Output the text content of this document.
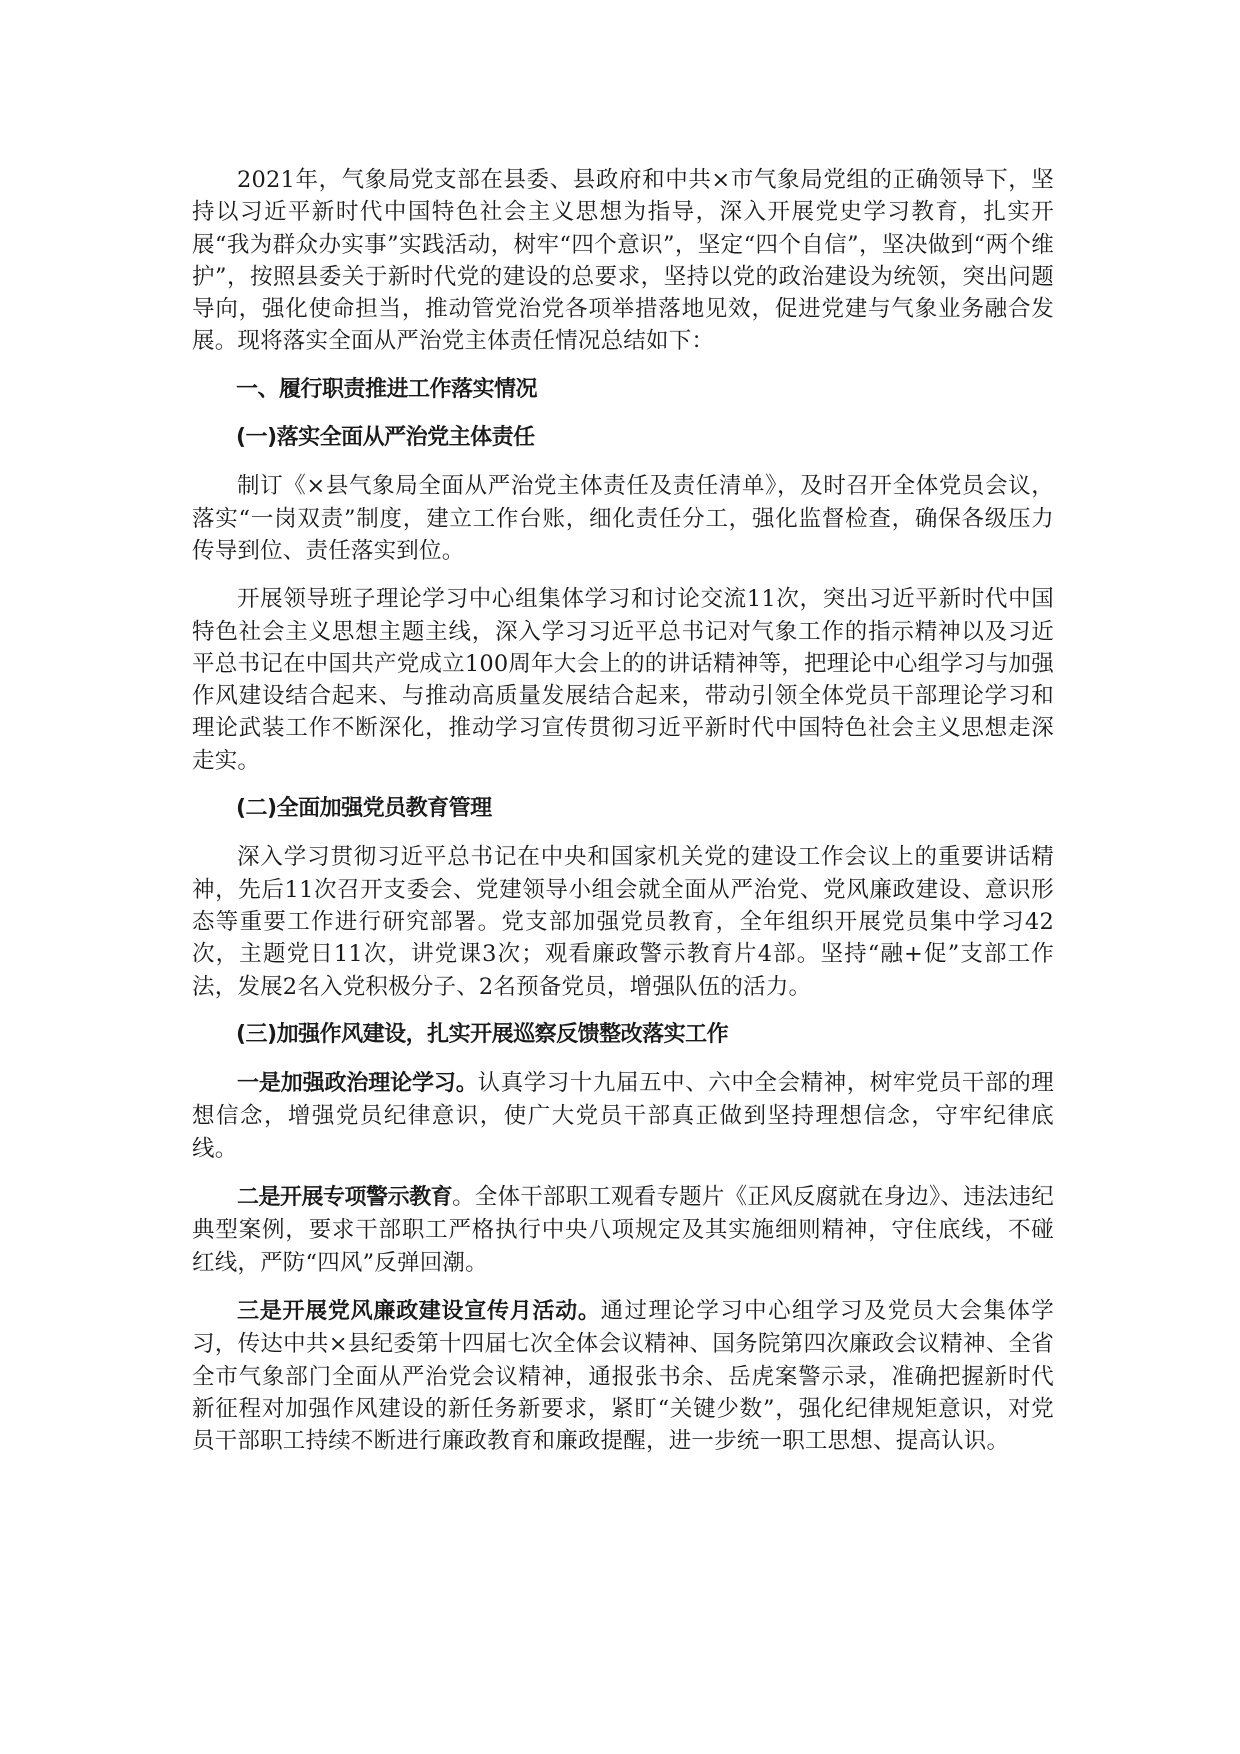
2021年，气象局党支部在县委、县政府和中共×市气象局党组的正确领导下，坚持以习近平新时代中国特色社会主义思想为指导，深入开展党史学习教育，扎实开展“我为群众办实事”实践活动，树牢“四个意识”，坚定“四个自信”，坚决做到“两个维护”，按照县委关于新时代党的建设的总要求，坚持以党的政治建设为统领，突出问题导向，强化使命担当，推动管党治党各项举措落地见效，促进党建与气象业务融合发展。现将落实全面从严治党主体责任情况总结如下：

一、履行职责推进工作落实情况

(一)落实全面从严治党主体责任

制订《×县气象局全面从严治党主体责任及责任清单》，及时召开全体党员会议，落实“一岗双责”制度，建立工作台账，细化责任分工，强化监督检查，确保各级压力传导到位、责任落实到位。

开展领导班子理论学习中心组集体学习和讨论交流11次，突出习近平新时代中国特色社会主义思想主题主线，深入学习习近平总书记对气象工作的指示精神以及习近平总书记在中国共产党成立100周年大会上的的讲话精神等，把理论中心组学习与加强作风建设结合起来、与推动高质量发展结合起来，带动引领全体党员干部理论学习和理论武装工作不断深化，推动学习宣传贯彻习近平新时代中国特色社会主义思想走深走实。

(二)全面加强党员教育管理

深入学习贯彻习近平总书记在中央和国家机关党的建设工作会议上的重要讲话精神，先后11次召开支委会、党建领导小组会就全面从严治党、党风廉政建设、意识形态等重要工作进行研究部署。党支部加强党员教育，全年组织开展党员集中学习42次，主题党日11次，讲党课3次；观看廉政警示教育片4部。坚持“融+促”支部工作法，发展2名入党积极分子、2名预备党员，增强队伍的活力。

(三)加强作风建设，扎实开展巡察反馈整改落实工作

一是加强政治理论学习。认真学习十九届五中、六中全会精神，树牢党员干部的理想信念，增强党员纪律意识，使广大党员干部真正做到坚持理想信念，守牢纪律底线。

二是开展专项警示教育。全体干部职工观看专题片《正风反腐就在身边》、违法违纪典型案例，要求干部职工严格执行中央八项规定及其实施细则精神，守住底线，不碰红线，严防“四风”反弹回潮。

三是开展党风廉政建设宣传月活动。通过理论学习中心组学习及党员大会集体学习，传达中共×县纪委第十四届七次全体会议精神、国务院第四次廉政会议精神、全省全市气象部门全面从严治党会议精神，通报张书余、岳虎案警示录，准确把握新时代新征程对加强作风建设的新任务新要求，紧盯“关键少数”，强化纪律规矩意识，对党员干部职工持续不断进行廉政教育和廉政提醒，进一步统一职工思想、提高认识。
